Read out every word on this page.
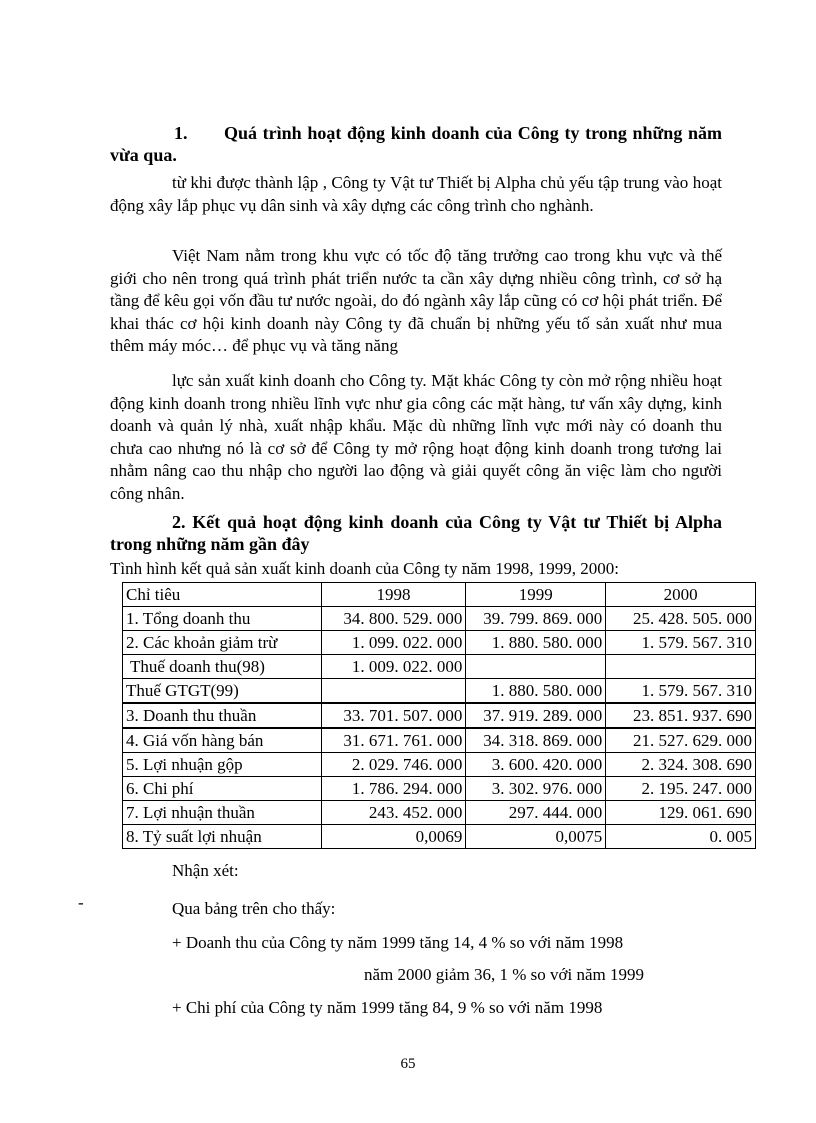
1. Quá trình hoạt động kinh doanh của Công ty trong những năm vừa qua.
từ khi được thành lập , Công ty Vật tư Thiết bị Alpha chủ yếu tập trung vào hoạt động xây lắp phục vụ dân sinh và xây dựng các công trình cho nghành.
Việt Nam nằm trong khu vực có tốc độ tăng trưởng cao trong khu vực và thế giới cho nên trong quá trình phát triển nước ta cần xây dựng nhiều công trình, cơ sở hạ tầng để kêu gọi vốn đầu tư nước ngoài, do đó ngành xây lắp cũng có cơ hội phát triển. Để khai thác cơ hội kinh doanh này Công ty đã chuẩn bị những yếu tố sản xuất như mua thêm máy móc… để phục vụ và tăng năng
lực sản xuất kinh doanh cho Công ty. Mặt khác Công ty còn mở rộng nhiều hoạt động kinh doanh trong nhiều lĩnh vực như gia công các mặt hàng, tư vấn xây dựng, kinh doanh và quản lý nhà, xuất nhập khẩu. Mặc dù những lĩnh vực mới này có doanh thu chưa cao nhưng nó là cơ sở để Công ty mở rộng hoạt động kinh doanh trong tương lai nhằm nâng cao thu nhập cho người lao động và giải quyết công ăn việc làm cho người công nhân.
2. Kết quả hoạt động kinh doanh của Công ty Vật tư Thiết bị Alpha trong những năm gần đây
Tình hình kết quả sản xuất kinh doanh của Công ty năm 1998, 1999, 2000:
Chỉ tiêu	1998	1999	2000
1. Tổng doanh thu	34. 800. 529. 000	39. 799. 869. 000	25. 428. 505. 000
2. Các khoản giảm trừ	1. 099. 022. 000	1. 880. 580. 000	1. 579. 567. 310
Thuế doanh thu(98)	1. 009. 022. 000		
Thuế GTGT(99)		1. 880. 580. 000	1. 579. 567. 310
3. Doanh thu thuần	33. 701. 507. 000	37. 919. 289. 000	23. 851. 937. 690
4. Giá vốn hàng bán	31. 671. 761. 000	34. 318. 869. 000	21. 527. 629. 000
5. Lợi nhuận gộp	2. 029. 746. 000	3. 600. 420. 000	2. 324. 308. 690
6. Chi phí	1. 786. 294. 000	3. 302. 976. 000	2. 195. 247. 000
7. Lợi nhuận thuần	243. 452. 000	297. 444. 000	129. 061. 690
8. Tỷ suất lợi nhuận	0,0069	0,0075	0. 005
Nhận xét:
-	Qua bảng trên cho thấy:
+ Doanh thu của Công ty năm 1999 tăng 14, 4 % so với năm 1998
năm 2000 giảm 36, 1 % so với năm 1999
+ Chi phí của Công ty năm 1999 tăng 84, 9 % so với năm 1998
65
